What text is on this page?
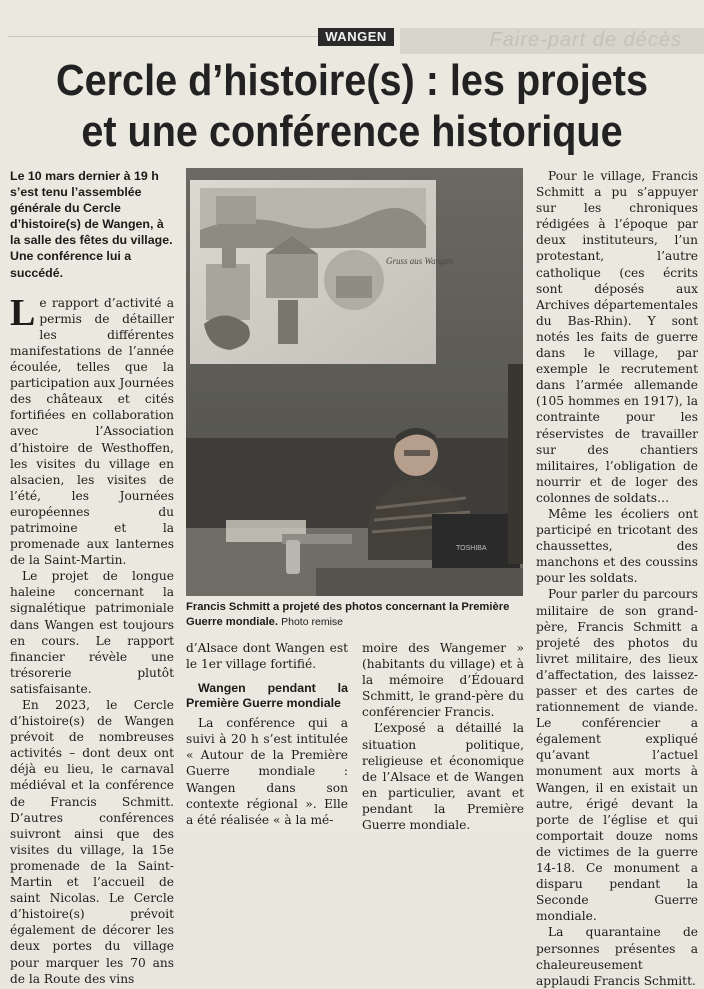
Faire-part de décès
WANGEN
Cercle d’histoire(s) : les projets et une conférence historique

Le 10 mars dernier à 19 h s’est tenu l’assemblée générale du Cercle d’histoire(s) de Wangen, à la salle des fêtes du village. Une conférence lui a succédé.

Le rapport d’activité a permis de détailler les différentes manifestations de l’année écoulée, telles que la participation aux Journées des châteaux et cités fortifiées en collaboration avec l’Association d’histoire de Westhoffen, les visites du village en alsacien, les visites de l’été, les Journées européennes du patrimoine et la promenade aux lanternes de la Saint-Martin.

Le projet de longue haleine concernant la signalétique patrimoniale dans Wangen est toujours en cours. Le rapport financier révèle une trésorerie plutôt satisfaisante.

En 2023, le Cercle d’histoire(s) de Wangen prévoit de nombreuses activités – dont deux ont déjà eu lieu, le carnaval médiéval et la conférence de Francis Schmitt. D’autres conférences suivront ainsi que des visites du village, la 15e promenade de la Saint-Martin et l’accueil de saint Nicolas. Le Cercle d’histoire(s) prévoit également de décorer les deux portes du village pour marquer les 70 ans de la Route des vins

Gruss aus Wangen
TOSHIBA
Francis Schmitt a projeté des photos concernant la Première Guerre mondiale. Photo remise

d’Alsace dont Wangen est le 1er village fortifié.

Wangen pendant la Première Guerre mondiale

La conférence qui a suivi à 20 h s’est intitulée « Autour de la Première Guerre mondiale : Wangen dans son contexte régional ». Elle a été réalisée « à la mé-

moire des Wangemer » (habitants du village) et à la mémoire d’Édouard Schmitt, le grand-père du conférencier Francis.

L’exposé a détaillé la situation politique, religieuse et économique de l’Alsace et de Wangen en particulier, avant et pendant la Première Guerre mondiale.

Pour le village, Francis Schmitt a pu s’appuyer sur les chroniques rédigées à l’époque par deux instituteurs, l’un protestant, l’autre catholique (ces écrits sont déposés aux Archives départementales du Bas-Rhin). Y sont notés les faits de guerre dans le village, par exemple le recrutement dans l’armée allemande (105 hommes en 1917), la contrainte pour les réservistes de travailler sur des chantiers militaires, l’obligation de nourrir et de loger des colonnes de soldats…

Même les écoliers ont participé en tricotant des chaussettes, des manchons et des coussins pour les soldats.

Pour parler du parcours militaire de son grand-père, Francis Schmitt a projeté des photos du livret militaire, des lieux d’affectation, des laissez-passer et des cartes de rationnement de viande. Le conférencier a également expliqué qu’avant l’actuel monument aux morts à Wangen, il en existait un autre, érigé devant la porte de l’église et qui comportait douze noms de victimes de la guerre 14-18. Ce monument a disparu pendant la Seconde Guerre mondiale.

La quarantaine de personnes présentes a chaleureusement applaudi Francis Schmitt.
